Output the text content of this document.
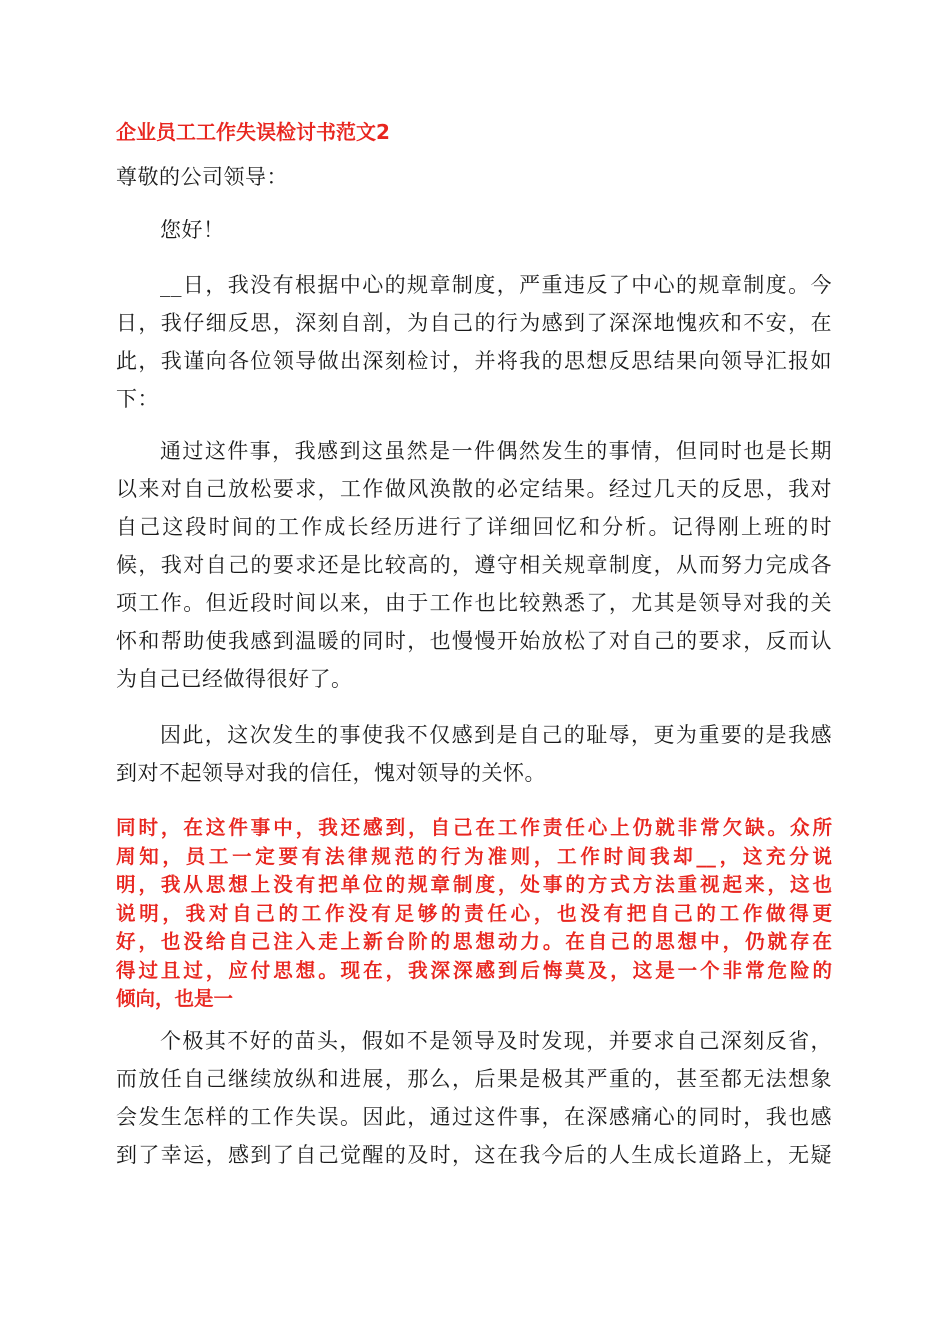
企业员工工作失误检讨书范文2
尊敬的公司领导：
您好！
__日，我没有根据中心的规章制度，严重违反了中心的规章制度。今
日，我仔细反思，深刻自剖，为自己的行为感到了深深地愧疚和不安，在
此，我谨向各位领导做出深刻检讨，并将我的思想反思结果向领导汇报如
下：
通过这件事，我感到这虽然是一件偶然发生的事情，但同时也是长期
以来对自己放松要求，工作做风涣散的必定结果。经过几天的反思，我对
自己这段时间的工作成长经历进行了详细回忆和分析。记得刚上班的时
候，我对自己的要求还是比较高的，遵守相关规章制度，从而努力完成各
项工作。但近段时间以来，由于工作也比较熟悉了，尤其是领导对我的关
怀和帮助使我感到温暖的同时，也慢慢开始放松了对自己的要求，反而认
为自己已经做得很好了。
因此，这次发生的事使我不仅感到是自己的耻辱，更为重要的是我感
到对不起领导对我的信任，愧对领导的关怀。
同时，在这件事中，我还感到，自己在工作责任心上仍就非常欠缺。众所
周知，员工一定要有法律规范的行为准则，工作时间我却__，这充分说
明，我从思想上没有把单位的规章制度，处事的方式方法重视起来，这也
说明，我对自己的工作没有足够的责任心，也没有把自己的工作做得更
好，也没给自己注入走上新台阶的思想动力。在自己的思想中，仍就存在
得过且过，应付思想。现在，我深深感到后悔莫及，这是一个非常危险的
倾向，也是一
个极其不好的苗头，假如不是领导及时发现，并要求自己深刻反省，
而放任自己继续放纵和进展，那么，后果是极其严重的，甚至都无法想象
会发生怎样的工作失误。因此，通过这件事，在深感痛心的同时，我也感
到了幸运，感到了自己觉醒的及时，这在我今后的人生成长道路上，无疑
